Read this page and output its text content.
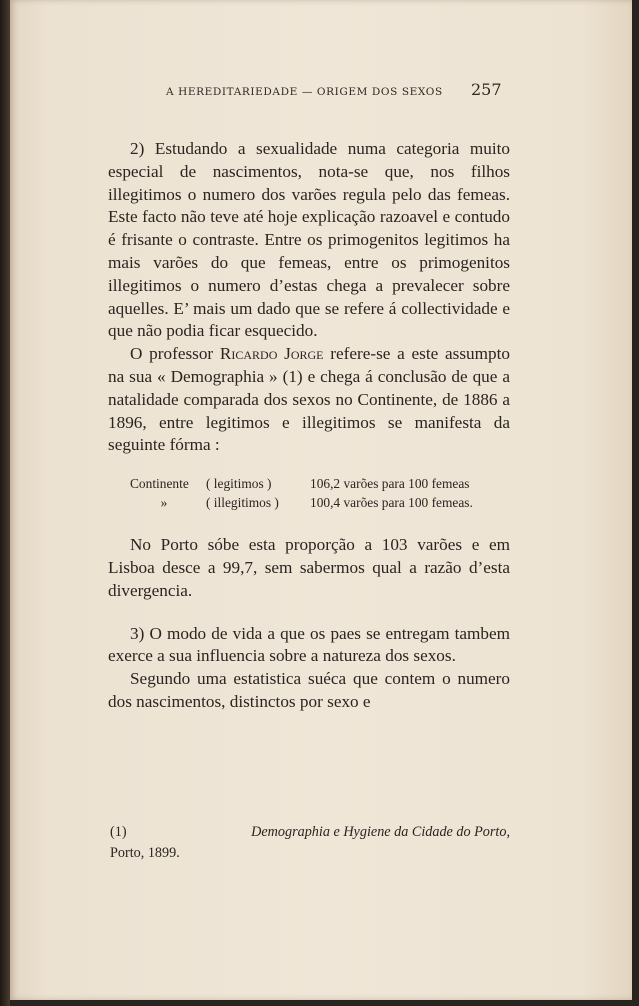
A HEREDITARIEDADE — ORIGEM DOS SEXOS 257

2) Estudando a sexualidade numa categoria muito especial de nascimentos, nota-se que, nos filhos illegitimos o numero dos varões regula pelo das femeas. Este facto não teve até hoje explicação razoavel e contudo é frisante o contraste. Entre os primogenitos legitimos ha mais varões do que femeas, entre os primogenitos illegitimos o numero d’estas chega a prevalecer sobre aquelles. E’ mais um dado que se refere á collectividade e que não podia ficar esquecido.

O professor Ricardo Jorge refere-se a este assumpto na sua « Demographia » (1) e chega á conclusão de que a natalidade comparada dos sexos no Continente, de 1886 a 1896, entre legitimos e illegitimos se manifesta da seguinte fórma :

Continente	( legitimos )	106,2 varões para 100 femeas
»	( illegitimos )	100,4 varões para 100 femeas.

No Porto sóbe esta proporção a 103 varões e em Lisboa desce a 99,7, sem sabermos qual a razão d’esta divergencia.

3) O modo de vida a que os paes se entregam tambem exerce a sua influencia sobre a natureza dos sexos.

Segundo uma estatistica suéca que contem o numero dos nascimentos, distinctos por sexo e

(1)	Demographia e Hygiene da Cidade do Porto,
Porto, 1899.
